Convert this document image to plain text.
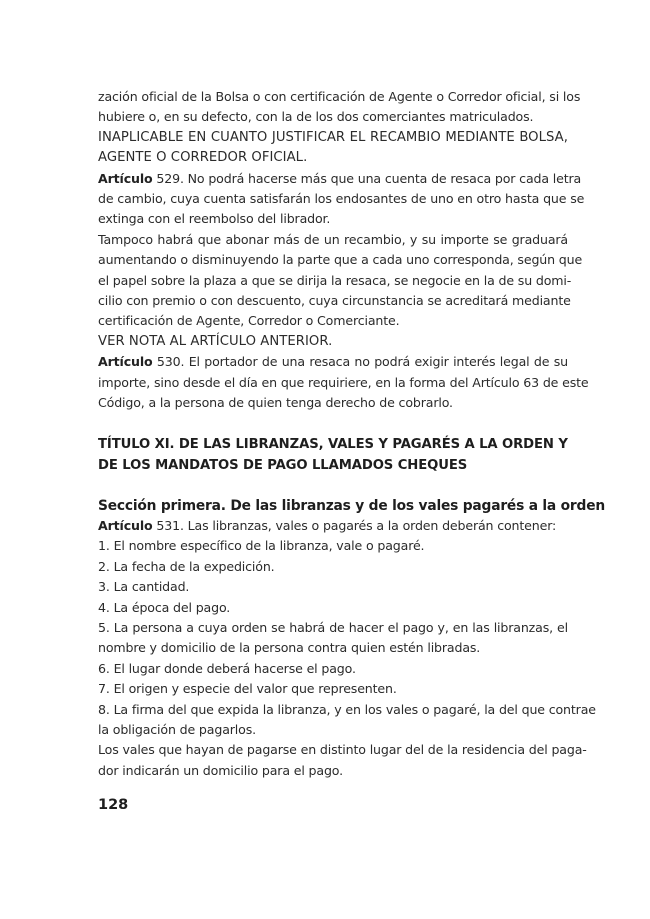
zación oficial de la Bolsa o con certificación de Agente o Corredor oficial, si los
hubiere o, en su defecto, con la de los dos comerciantes matriculados.
INAPLICABLE EN CUANTO JUSTIFICAR EL RECAMBIO MEDIANTE BOLSA,
AGENTE O CORREDOR OFICIAL.
Artículo 529. No podrá hacerse más que una cuenta de resaca por cada letra
de cambio, cuya cuenta satisfarán los endosantes de uno en otro hasta que se
extinga con el reembolso del librador.
Tampoco habrá que abonar más de un recambio, y su importe se graduará
aumentando o disminuyendo la parte que a cada uno corresponda, según que
el papel sobre la plaza a que se dirija la resaca, se negocie en la de su domi-
cilio con premio o con descuento, cuya circunstancia se acreditará mediante
certificación de Agente, Corredor o Comerciante.
VER NOTA AL ARTÍCULO ANTERIOR.
Artículo 530. El portador de una resaca no podrá exigir interés legal de su
importe, sino desde el día en que requiriere, en la forma del Artículo 63 de este
Código, a la persona de quien tenga derecho de cobrarlo.
TÍTULO XI. DE LAS LIBRANZAS, VALES Y PAGARÉS A LA ORDEN Y
DE LOS MANDATOS DE PAGO LLAMADOS CHEQUES
Sección primera. De las libranzas y de los vales pagarés a la orden
Artículo 531. Las libranzas, vales o pagarés a la orden deberán contener:
1. El nombre específico de la libranza, vale o pagaré.
2. La fecha de la expedición.
3. La cantidad.
4. La época del pago.
5. La persona a cuya orden se habrá de hacer el pago y, en las libranzas, el
nombre y domicilio de la persona contra quien estén libradas.
6. El lugar donde deberá hacerse el pago.
7. El origen y especie del valor que representen.
8. La firma del que expida la libranza, y en los vales o pagaré, la del que contrae
la obligación de pagarlos.
Los vales que hayan de pagarse en distinto lugar del de la residencia del paga-
dor indicarán un domicilio para el pago.
128
